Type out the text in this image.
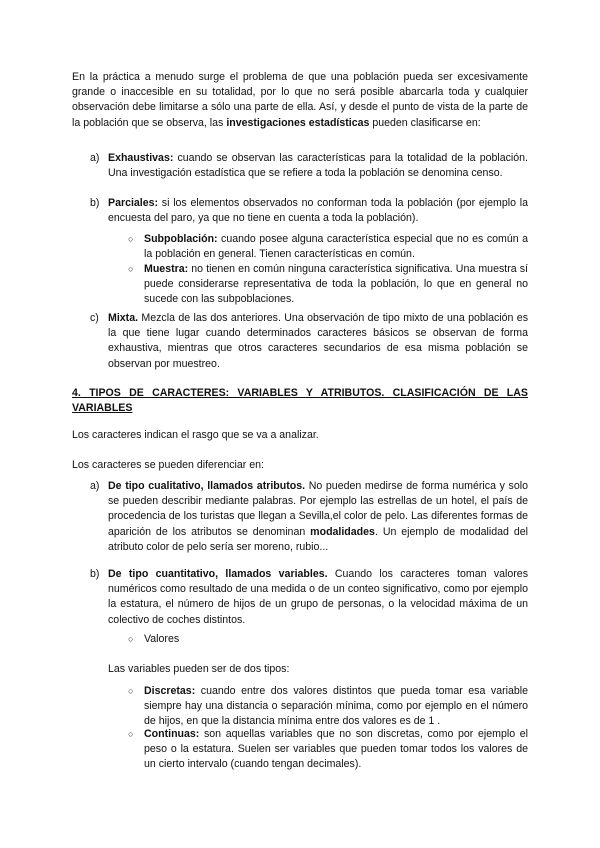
En la práctica a menudo surge el problema de que una población pueda ser excesivamente grande o inaccesible en su totalidad, por lo que no será posible abarcarla toda y cualquier observación debe limitarse a sólo una parte de ella. Así, y desde el punto de vista de la parte de la población que se observa, las investigaciones estadísticas pueden clasificarse en:

a) Exhaustivas: cuando se observan las características para la totalidad de la población. Una investigación estadística que se refiere a toda la población se denomina censo.

b) Parciales: si los elementos observados no conforman toda la población (por ejemplo la encuesta del paro, ya que no tiene en cuenta a toda la población).

○ Subpoblación: cuando posee alguna característica especial que no es común a la población en general. Tienen características en común.

○ Muestra: no tienen en común ninguna característica significativa. Una muestra sí puede considerarse representativa de toda la población, lo que en general no sucede con las subpoblaciones.

c) Mixta. Mezcla de las dos anteriores. Una observación de tipo mixto de una población es la que tiene lugar cuando determinados caracteres básicos se observan de forma exhaustiva, mientras que otros caracteres secundarios de esa misma población se observan por muestreo.

4. TIPOS DE CARACTERES: VARIABLES Y ATRIBUTOS. CLASIFICACIÓN DE LAS VARIABLES

Los caracteres indican el rasgo que se va a analizar.

Los caracteres se pueden diferenciar en:

a) De tipo cualitativo, llamados atributos. No pueden medirse de forma numérica y solo se pueden describir mediante palabras. Por ejemplo las estrellas de un hotel, el país de procedencia de los turistas que llegan a Sevilla,el color de pelo. Las diferentes formas de aparición de los atributos se denominan modalidades. Un ejemplo de modalidad del atributo color de pelo sería ser moreno, rubio...

b) De tipo cuantitativo, llamados variables. Cuando los caracteres toman valores numéricos como resultado de una medida o de un conteo significativo, como por ejemplo la estatura, el número de hijos de un grupo de personas, o la velocidad máxima de un colectivo de coches distintos.

○ Valores

Las variables pueden ser de dos tipos:

○ Discretas: cuando entre dos valores distintos que pueda tomar esa variable siempre hay una distancia o separación mínima, como por ejemplo en el número de hijos, en que la distancia mínima entre dos valores es de 1 .

○ Continuas: son aquellas variables que no son discretas, como por ejemplo el peso o la estatura. Suelen ser variables que pueden tomar todos los valores de un cierto intervalo (cuando tengan decimales).
